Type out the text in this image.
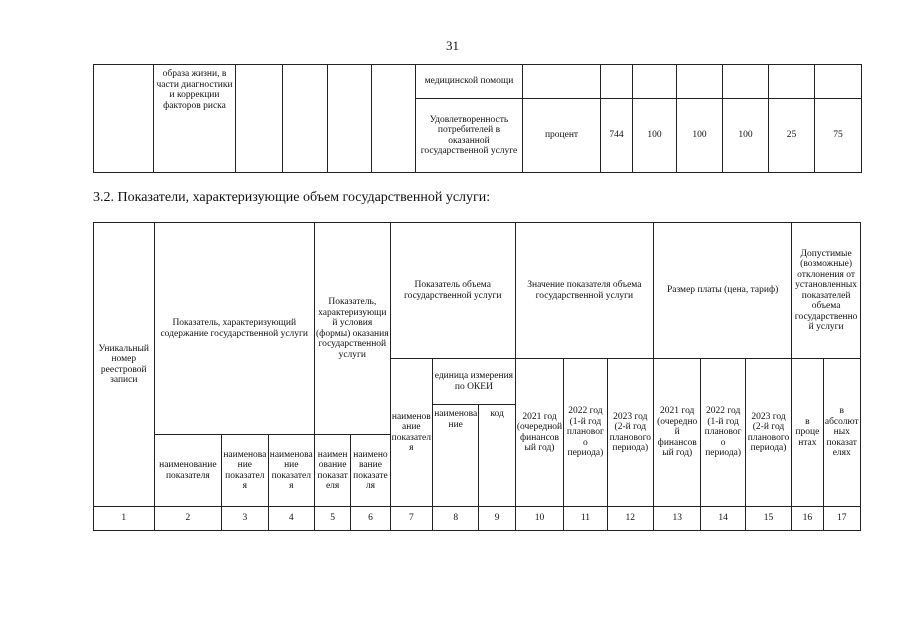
31
	образа жизни, в части диагностики и коррекции факторов риска					медицинской помощи							
						Удовлетворенность потребителей в оказанной государственной услуге	процент	744	100	100	100	25	75
3.2. Показатели, характеризующие объем государственной услуги:
Уникальный номер реестровой записи	Показатель, характеризующий содержание государственной услуги			Показатель, характеризующий условия (формы) оказания государственной услуги		Показатель объема государственной услуги			Значение показателя объема государственной услуги			Размер платы (цена, тариф)			Допустимые (возможные) отклонения от установленных показателей объема государственной услуги	
						наименование показателя	единица измерения по ОКЕИ		2021 год (очередной финансовый год)	2022 год (1-й год планового периода)	2023 год (2-й год планового периода)	2021 год (очередной финансовый год)	2022 год (1-й год планового периода)	2023 год (2-й год планового периода)	в процентах	в абсолютных показателях
							наименование	код								
	наименование показателя	наименование показателя	наименование показателя	наименование показателя	наименование показателя											
1	2	3	4	5	6	7	8	9	10	11	12	13	14	15	16	17
